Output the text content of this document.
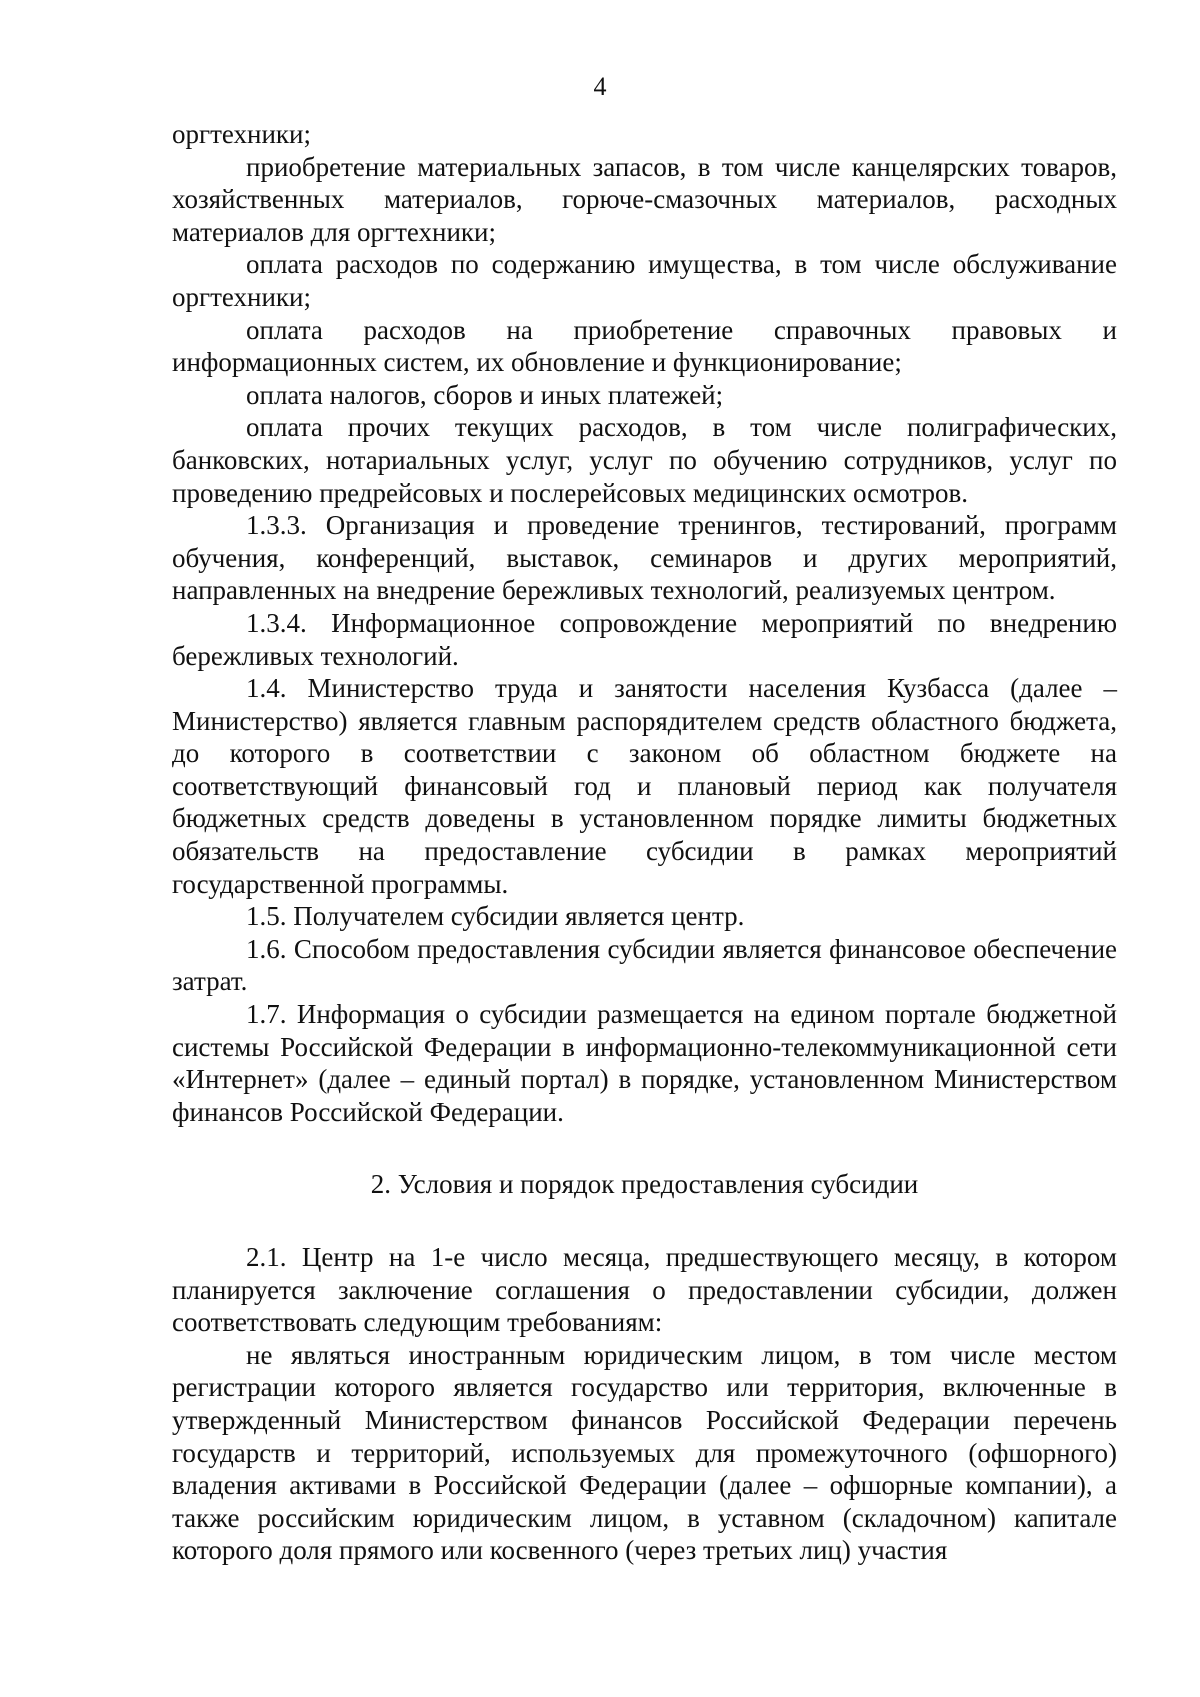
4

оргтехники;

приобретение материальных запасов, в том числе канцелярских товаров, хозяйственных материалов, горюче-смазочных материалов, расходных материалов для оргтехники;

оплата расходов по содержанию имущества, в том числе обслуживание оргтехники;

оплата расходов на приобретение справочных правовых и информационных систем, их обновление и функционирование;

оплата налогов, сборов и иных платежей;

оплата прочих текущих расходов, в том числе полиграфических, банковских, нотариальных услуг, услуг по обучению сотрудников, услуг по проведению предрейсовых и послерейсовых медицинских осмотров.

1.3.3. Организация и проведение тренингов, тестирований, программ обучения, конференций, выставок, семинаров и других мероприятий, направленных на внедрение бережливых технологий, реализуемых центром.

1.3.4. Информационное сопровождение мероприятий по внедрению бережливых технологий.

1.4. Министерство труда и занятости населения Кузбасса (далее – Министерство) является главным распорядителем средств областного бюджета, до которого в соответствии с законом об областном бюджете на соответствующий финансовый год и плановый период как получателя бюджетных средств доведены в установленном порядке лимиты бюджетных обязательств на предоставление субсидии в рамках мероприятий государственной программы.

1.5. Получателем субсидии является центр.

1.6. Способом предоставления субсидии является финансовое обеспечение затрат.

1.7. Информация о субсидии размещается на едином портале бюджетной системы Российской Федерации в информационно-телекоммуникационной сети «Интернет» (далее – единый портал) в порядке, установленном Министерством финансов Российской Федерации.

2. Условия и порядок предоставления субсидии

2.1. Центр на 1-е число месяца, предшествующего месяцу, в котором планируется заключение соглашения о предоставлении субсидии, должен соответствовать следующим требованиям:

не являться иностранным юридическим лицом, в том числе местом регистрации которого является государство или территория, включенные в утвержденный Министерством финансов Российской Федерации перечень государств и территорий, используемых для промежуточного (офшорного) владения активами в Российской Федерации (далее – офшорные компании), а также российским юридическим лицом, в уставном (складочном) капитале которого доля прямого или косвенного (через третьих лиц) участия
